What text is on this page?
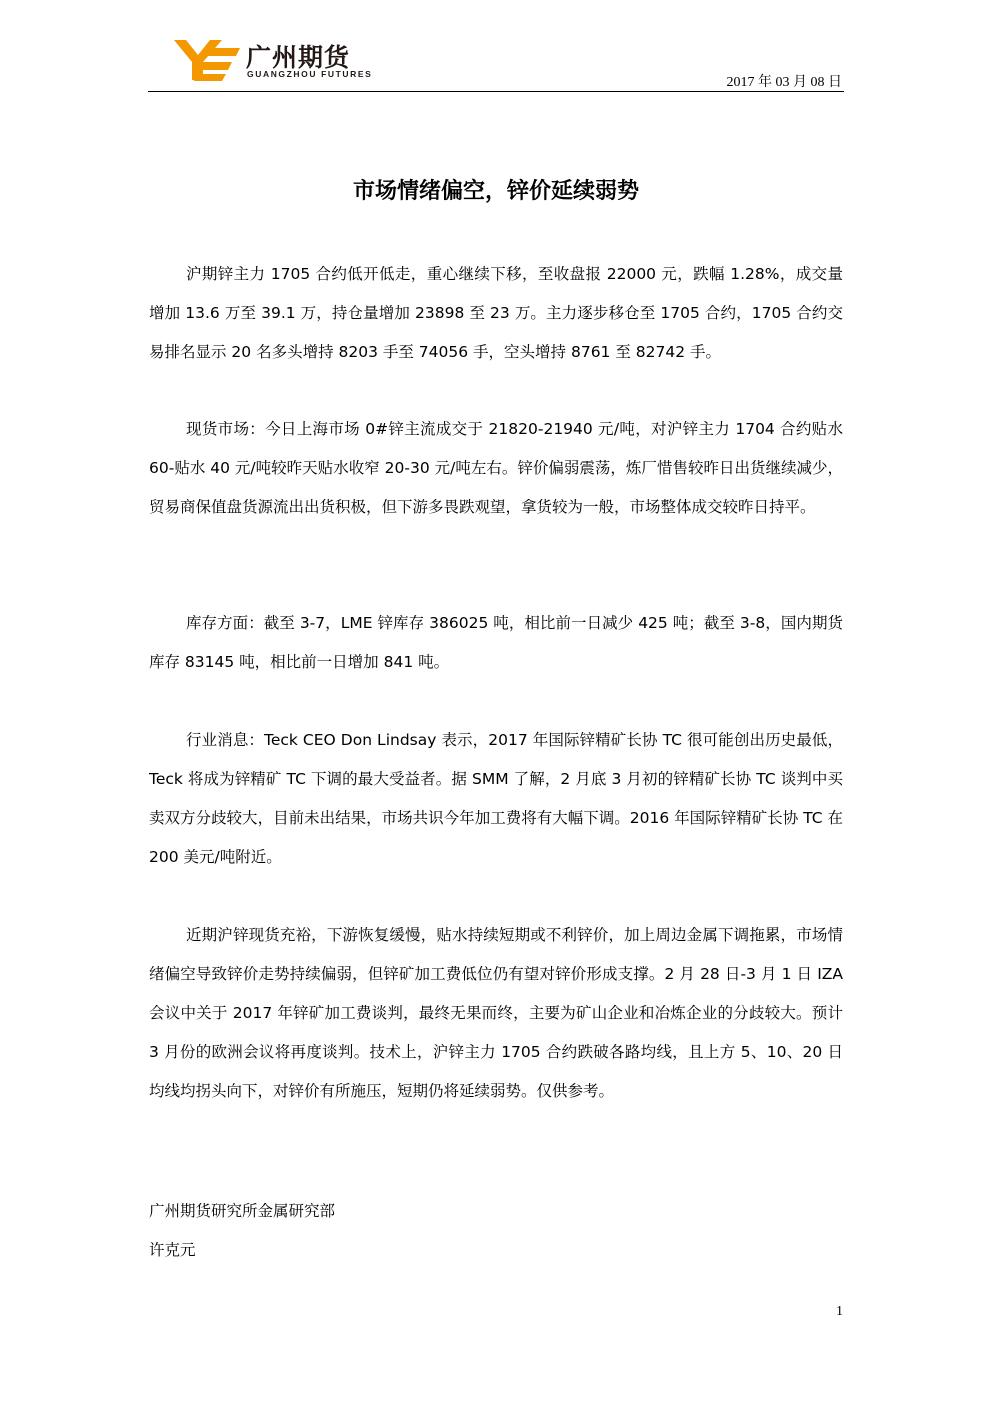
广州期货
GUANGZHOU FUTURES
2017 年 03 月 08 日
市场情绪偏空，锌价延续弱势

沪期锌主力 1705 合约低开低走，重心继续下移，至收盘报 22000 元，跌幅 1.28%，成交量增加 13.6 万至 39.1 万，持仓量增加 23898 至 23 万。主力逐步移仓至 1705 合约，1705 合约交易排名显示 20 名多头增持 8203 手至 74056 手，空头增持 8761 至 82742 手。

现货市场：今日上海市场 0#锌主流成交于 21820-21940 元/吨，对沪锌主力 1704 合约贴水 60-贴水 40 元/吨较昨天贴水收窄 20-30 元/吨左右。锌价偏弱震荡，炼厂惜售较昨日出货继续减少，贸易商保值盘货源流出出货积极，但下游多畏跌观望，拿货较为一般，市场整体成交较昨日持平。

库存方面：截至 3-7，LME 锌库存 386025 吨，相比前一日减少 425 吨；截至 3-8，国内期货库存 83145 吨，相比前一日增加 841 吨。

行业消息：Teck CEO Don Lindsay 表示，2017 年国际锌精矿长协 TC 很可能创出历史最低，Teck 将成为锌精矿 TC 下调的最大受益者。据 SMM 了解，2 月底 3 月初的锌精矿长协 TC 谈判中买卖双方分歧较大，目前未出结果，市场共识今年加工费将有大幅下调。2016 年国际锌精矿长协 TC 在 200 美元/吨附近。

近期沪锌现货充裕，下游恢复缓慢，贴水持续短期或不利锌价，加上周边金属下调拖累，市场情绪偏空导致锌价走势持续偏弱，但锌矿加工费低位仍有望对锌价形成支撑。2 月 28 日-3 月 1 日 IZA 会议中关于 2017 年锌矿加工费谈判，最终无果而终，主要为矿山企业和冶炼企业的分歧较大。预计 3 月份的欧洲会议将再度谈判。技术上，沪锌主力 1705 合约跌破各路均线，且上方 5、10、20 日均线均拐头向下，对锌价有所施压，短期仍将延续弱势。仅供参考。

广州期货研究所金属研究部
许克元
1
